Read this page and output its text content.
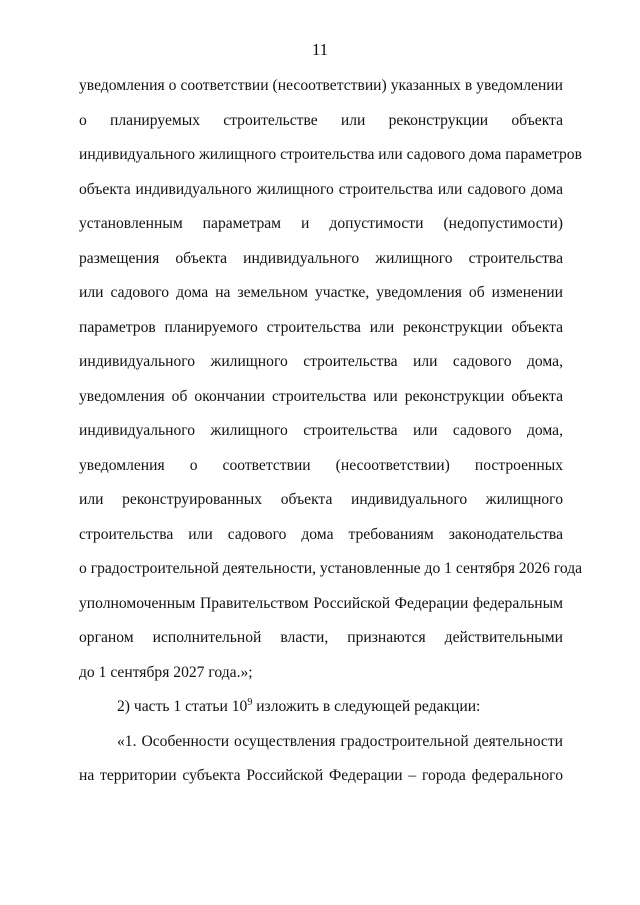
11
уведомления о соответствии (несоответствии) указанных в уведомлении
о планируемых строительстве или реконструкции объекта
индивидуального жилищного строительства или садового дома параметров
объекта индивидуального жилищного строительства или садового дома
установленным параметрам и допустимости (недопустимости)
размещения объекта индивидуального жилищного строительства
или садового дома на земельном участке, уведомления об изменении
параметров планируемого строительства или реконструкции объекта
индивидуального жилищного строительства или садового дома,
уведомления об окончании строительства или реконструкции объекта
индивидуального жилищного строительства или садового дома,
уведомления о соответствии (несоответствии) построенных
или реконструированных объекта индивидуального жилищного
строительства или садового дома требованиям законодательства
о градостроительной деятельности, установленные до 1 сентября 2026 года
уполномоченным Правительством Российской Федерации федеральным
органом исполнительной власти, признаются действительными
до 1 сентября 2027 года.»;
2) часть 1 статьи $10^9$ изложить в следующей редакции:
«1. Особенности осуществления градостроительной деятельности
на территории субъекта Российской Федерации – города федерального
